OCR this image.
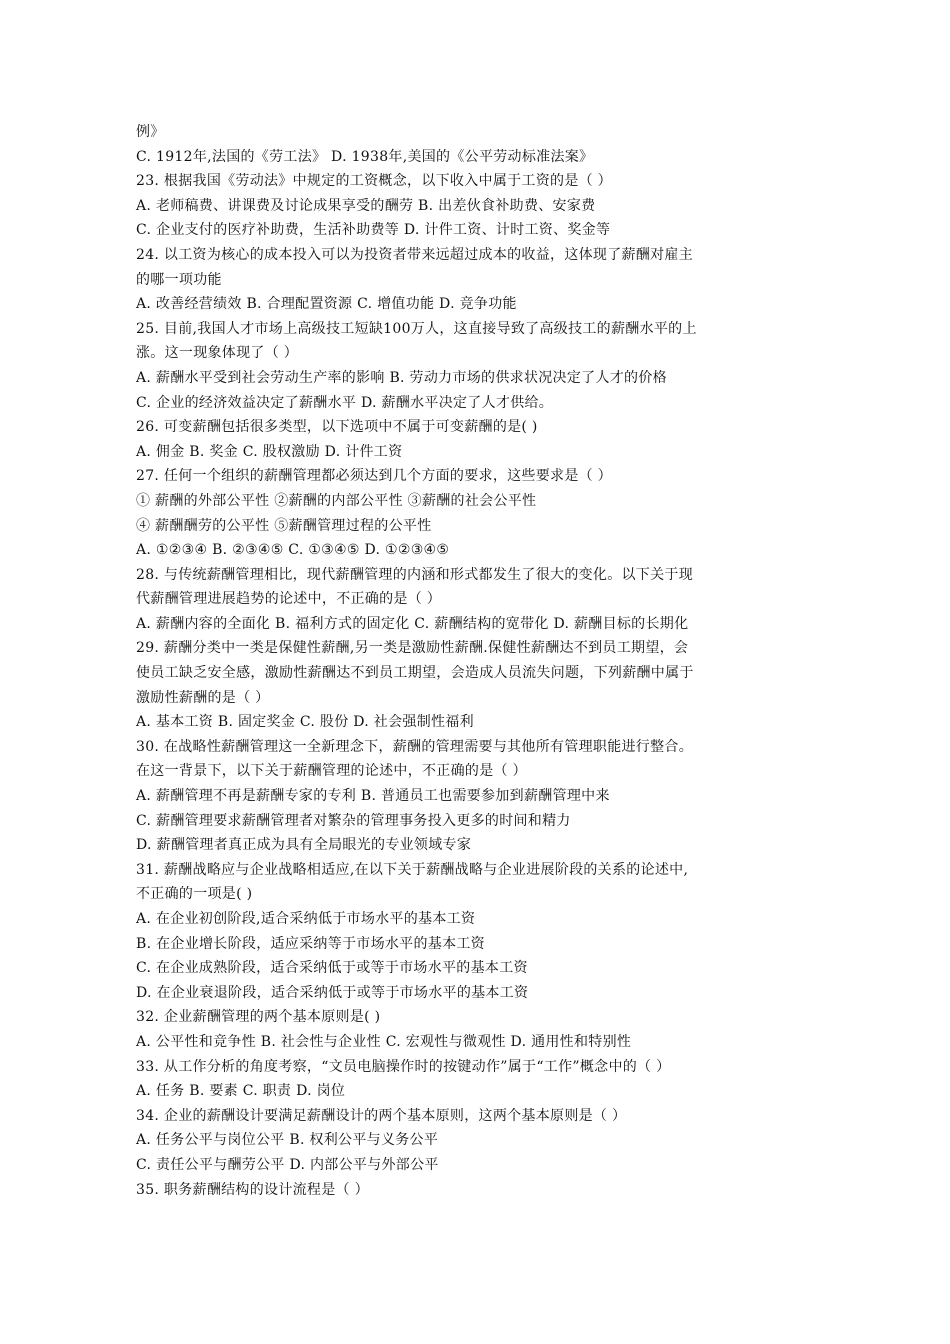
例》
C. 1912年,法国的《劳工法》 D. 1938年,美国的《公平劳动标准法案》
23. 根据我国《劳动法》中规定的工资概念，以下收入中属于工资的是（ ）
A. 老师稿费、讲课费及讨论成果享受的酬劳 B. 出差伙食补助费、安家费
C. 企业支付的医疗补助费，生活补助费等 D. 计件工资、计时工资、奖金等
24. 以工资为核心的成本投入可以为投资者带来远超过成本的收益，这体现了薪酬对雇主
的哪一项功能
A. 改善经营绩效 B. 合理配置资源 C. 增值功能 D. 竞争功能
25. 目前,我国人才市场上高级技工短缺100万人，这直接导致了高级技工的薪酬水平的上
涨。这一现象体现了（ ）
A. 薪酬水平受到社会劳动生产率的影响 B. 劳动力市场的供求状况决定了人才的价格
C. 企业的经济效益决定了薪酬水平 D. 薪酬水平决定了人才供给。
26. 可变薪酬包括很多类型，以下选项中不属于可变薪酬的是( )
A. 佣金 B. 奖金 C. 股权激励 D. 计件工资
27. 任何一个组织的薪酬管理都必须达到几个方面的要求，这些要求是（ ）
① 薪酬的外部公平性 ②薪酬的内部公平性 ③薪酬的社会公平性
④ 薪酬酬劳的公平性 ⑤薪酬管理过程的公平性
A. ①②③④ B. ②③④⑤ C. ①③④⑤ D. ①②③④⑤
28. 与传统薪酬管理相比，现代薪酬管理的内涵和形式都发生了很大的变化。以下关于现
代薪酬管理进展趋势的论述中，不正确的是（ ）
A. 薪酬内容的全面化 B. 福利方式的固定化 C. 薪酬结构的宽带化 D. 薪酬目标的长期化
29. 薪酬分类中一类是保健性薪酬,另一类是激励性薪酬.保健性薪酬达不到员工期望，会
使员工缺乏安全感，激励性薪酬达不到员工期望，会造成人员流失问题，下列薪酬中属于
激励性薪酬的是（ ）
A. 基本工资 B. 固定奖金 C. 股份 D. 社会强制性福利
30. 在战略性薪酬管理这一全新理念下，薪酬的管理需要与其他所有管理职能进行整合。
在这一背景下，以下关于薪酬管理的论述中，不正确的是（ ）
A. 薪酬管理不再是薪酬专家的专利 B. 普通员工也需要参加到薪酬管理中来
C. 薪酬管理要求薪酬管理者对繁杂的管理事务投入更多的时间和精力
D. 薪酬管理者真正成为具有全局眼光的专业领域专家
31. 薪酬战略应与企业战略相适应,在以下关于薪酬战略与企业进展阶段的关系的论述中,
不正确的一项是( )
A. 在企业初创阶段,适合采纳低于市场水平的基本工资
B. 在企业增长阶段，适应采纳等于市场水平的基本工资
C. 在企业成熟阶段，适合采纳低于或等于市场水平的基本工资
D. 在企业衰退阶段，适合采纳低于或等于市场水平的基本工资
32. 企业薪酬管理的两个基本原则是( )
A. 公平性和竞争性 B. 社会性与企业性 C. 宏观性与微观性 D. 通用性和特别性
33. 从工作分析的角度考察，“文员电脑操作时的按键动作”属于“工作”概念中的（ ）
A. 任务 B. 要素 C. 职责 D. 岗位
34. 企业的薪酬设计要满足薪酬设计的两个基本原则，这两个基本原则是（ ）
A. 任务公平与岗位公平 B. 权利公平与义务公平
C. 责任公平与酬劳公平 D. 内部公平与外部公平
35. 职务薪酬结构的设计流程是（ ）
